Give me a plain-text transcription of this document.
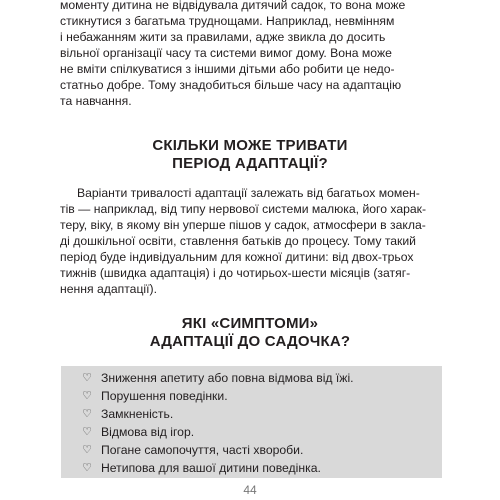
моменту дитина не відвідувала дитячий садок, то вона може
стикнутися з багатьма труднощами. Наприклад, невмінням
і небажанням жити за правилами, адже звикла до досить
вільної організації часу та системи вимог дому. Вона може
не вміти спілкуватися з іншими дітьми або робити це недо-
статньо добре. Тому знадобиться більше часу на адаптацію
та навчання.
СКІЛЬКИ МОЖЕ ТРИВАТИ
ПЕРІОД АДАПТАЦІЇ?
Варіанти тривалості адаптації залежать від багатьох момен-
тів — наприклад, від типу нервової системи малюка, його харак-
теру, віку, в якому він уперше пішов у садок, атмосфери в закла-
ді дошкільної освіти, ставлення батьків до процесу. Тому такий
період буде індивідуальним для кожної дитини: від двох-трьох
тижнів (швидка адаптація) і до чотирьох-шести місяців (затяг-
нення адаптації).
ЯКІ «СИМПТОМИ»
АДАПТАЦІЇ ДО САДОЧКА?
♡ Зниження апетиту або повна відмова від їжі.
♡ Порушення поведінки.
♡ Замкненість.
♡ Відмова від ігор.
♡ Погане самопочуття, часті хвороби.
♡ Нетипова для вашої дитини поведінка.
44
